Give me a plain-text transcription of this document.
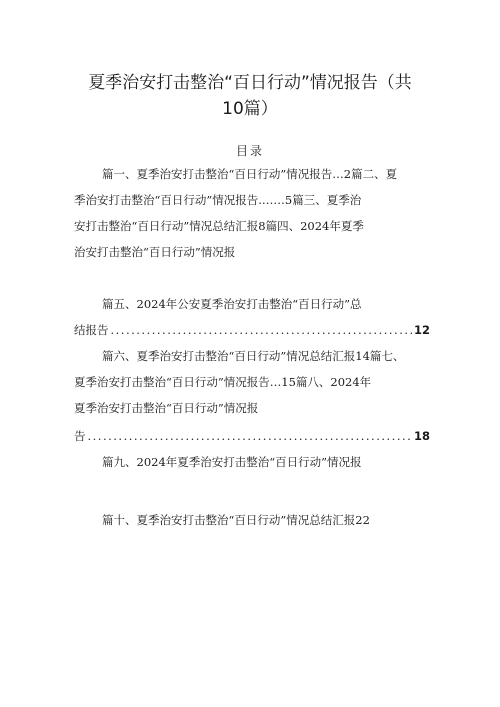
夏季治安打击整治“百日行动”情况报告（共
10篇）
目录
篇一、夏季治安打击整治“百日行动”情况报告…2篇二、夏
季治安打击整治“百日行动”情况报告.……5篇三、夏季治
安打击整治“百日行动”情况总结汇报8篇四、2024年夏季
治安打击整治“百日行动”情况报
篇五、2024年公安夏季治安打击整治“百日行动”总
结报告 .....	12
篇六、夏季治安打击整治“百日行动”情况总结汇报14篇七、
夏季治安打击整治“百日行动”情况报告…15篇八、2024年
夏季治安打击整治“百日行动”情况报
告 .....	18
篇九、2024年夏季治安打击整治“百日行动”情况报
篇十、夏季治安打击整治“百日行动”情况总结汇报22
